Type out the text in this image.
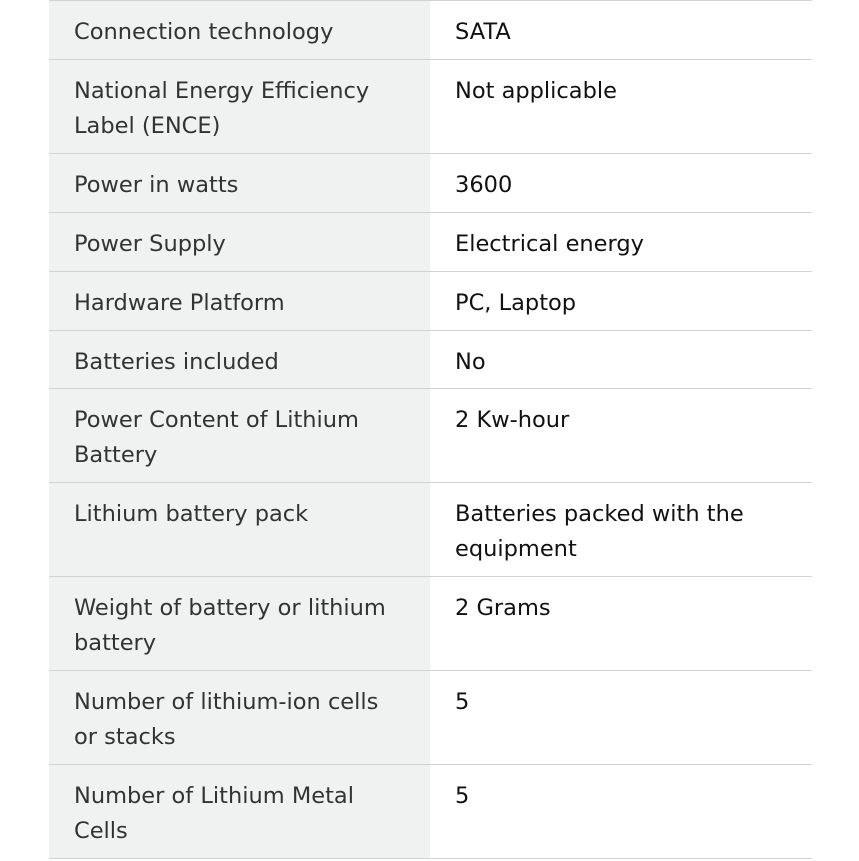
Connection technology	SATA
National Energy Efficiency Label (ENCE)	Not applicable
Power in watts	3600
Power Supply	Electrical energy
Hardware Platform	PC, Laptop
Batteries included	No
Power Content of Lithium Battery	2 Kw-hour
Lithium battery pack	Batteries packed with the equipment
Weight of battery or lithium battery	2 Grams
Number of lithium-ion cells or stacks	5
Number of Lithium Metal Cells	5
